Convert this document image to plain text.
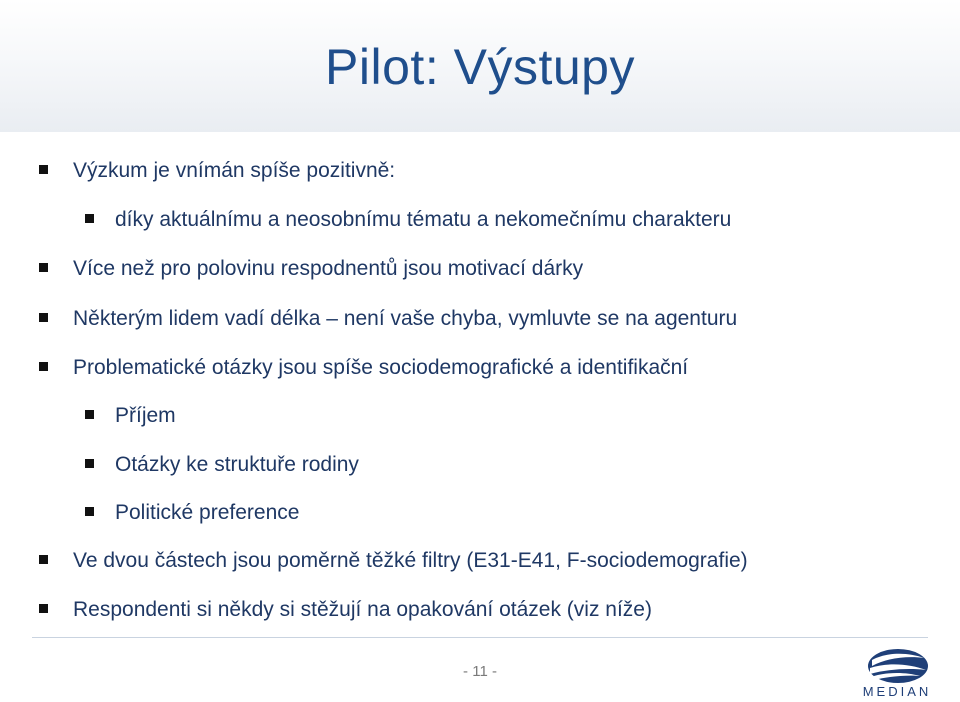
Pilot: Výstupy
Výzkum je vnímán spíše pozitivně:
díky aktuálnímu a neosobnímu tématu a nekomečnímu charakteru
Více než pro polovinu respodnentů jsou motivací dárky
Některým lidem vadí délka – není vaše chyba, vymluvte se na agenturu
Problematické otázky jsou spíše sociodemografické a identifikační
Příjem
Otázky ke struktuře rodiny
Politické preference
Ve dvou částech jsou poměrně těžké filtry (E31-E41, F-sociodemografie)
Respondenti si někdy si stěžují na opakování otázek (viz níže)
- 11 -
MEDIAN
